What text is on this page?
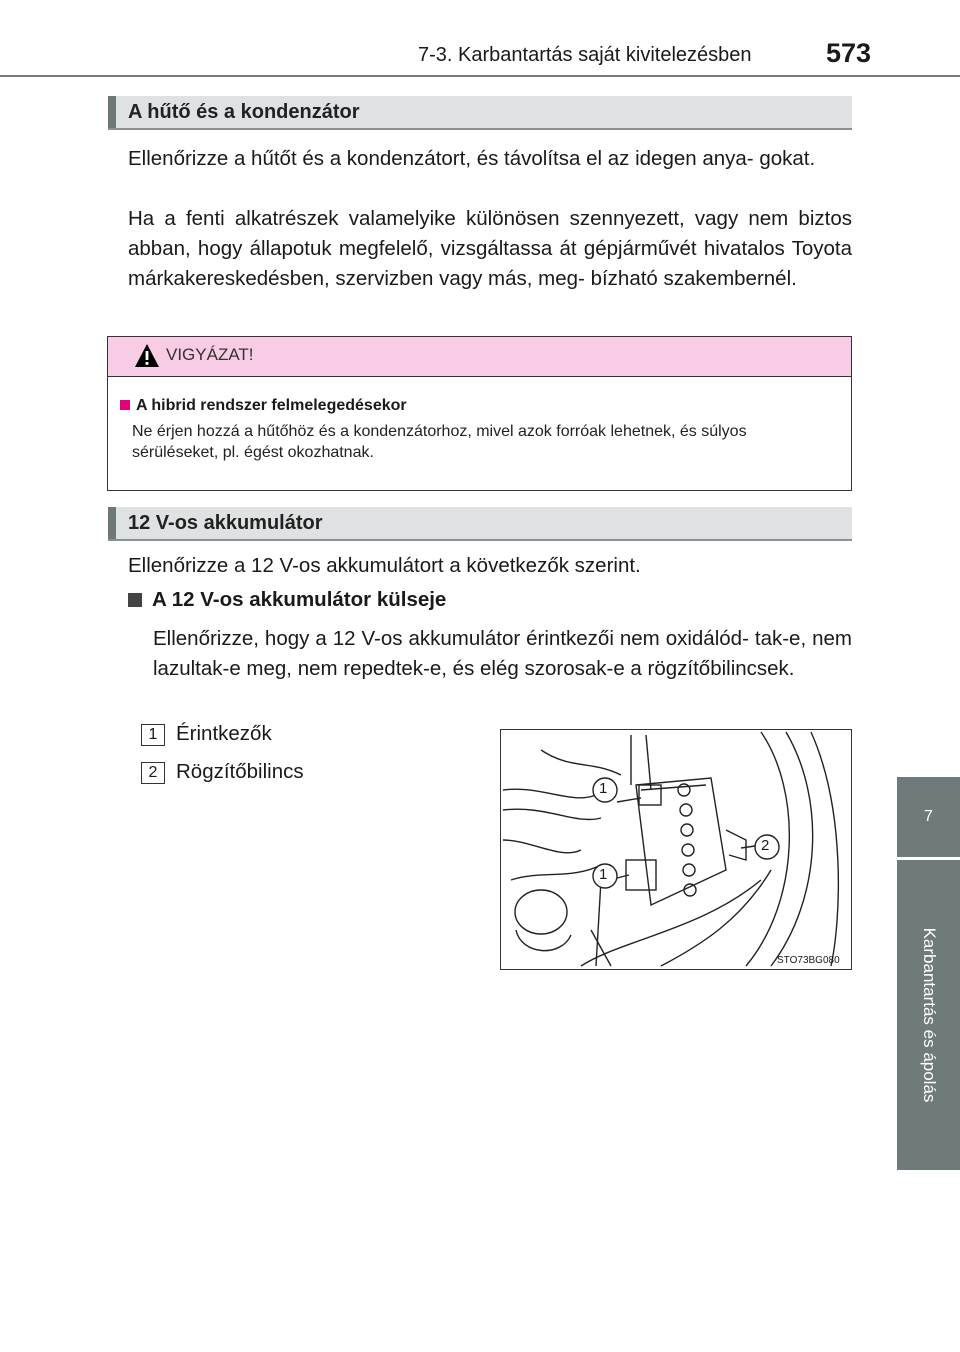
7-3. Karbantartás saját kivitelezésben	573
7
Karbantartás és ápolás
A hűtő és a kondenzátor
Ellenőrizze a hűtőt és a kondenzátort, és távolítsa el az idegen anya- gokat.
Ha a fenti alkatrészek valamelyike különösen szennyezett, vagy nem biztos abban, hogy állapotuk megfelelő, vizsgáltassa át gépjárművét hivatalos Toyota márkakereskedésben, szervizben vagy más, meg- bízható szakembernél.
VIGYÁZAT!
A hibrid rendszer felmelegedésekor
Ne érjen hozzá a hűtőhöz és a kondenzátorhoz, mivel azok forróak lehetnek, és súlyos sérüléseket, pl. égést okozhatnak.
12 V-os akkumulátor
Ellenőrizze a 12 V-os akkumulátort a következők szerint.
A 12 V-os akkumulátor külseje
Ellenőrizze, hogy a 12 V-os akkumulátor érintkezői nem oxidálód- tak-e, nem lazultak-e meg, nem repedtek-e, és elég szorosak-e a rögzítőbilincsek.
1 Érintkezők
2 Rögzítőbilincs
1
1
2
STO73BG080
